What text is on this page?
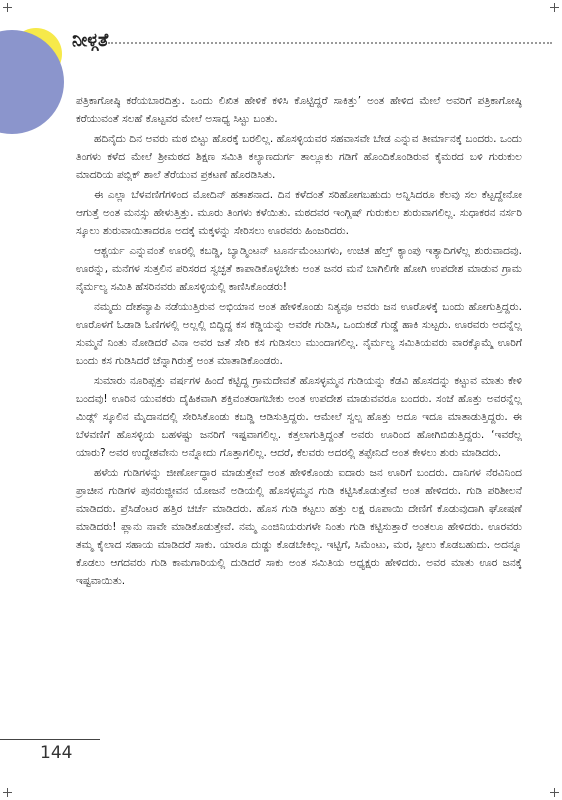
ನೀಳ್ಗತೆ

ಪತ್ರಿಕಾಗೋಷ್ಠಿ ಕರೆಯಬಾರದಿತ್ತು. ಒಂದು ಲಿಖಿತ ಹೇಳಿಕೆ ಕಳಿಸಿ ಕೊಟ್ಟಿದ್ದರೆ ಸಾಕಿತ್ತು’ ಅಂತ ಹೇಳಿದ ಮೇಲೆ ಅವರಿಗೆ ಪತ್ರಿಕಾಗೋಷ್ಠಿ ಕರೆಯುವಂತೆ ಸಲಹೆ ಕೊಟ್ಟವರ ಮೇಲೆ ಅಸಾಧ್ಯ ಸಿಟ್ಟು ಬಂತು.

ಹದಿನೈದು ದಿನ ಅವರು ಮಠ ಬಿಟ್ಟು ಹೊರಕ್ಕೆ ಬರಲಿಲ್ಲ. ಹೊಸಳ್ಳಿಯವರ ಸಹವಾಸವೇ ಬೇಡ ಎನ್ನುವ ತೀರ್ಮಾನಕ್ಕೆ ಬಂದರು. ಒಂದು ತಿಂಗಳು ಕಳೆದ ಮೇಲೆ ಶ್ರೀಮಠದ ಶಿಕ್ಷಣ ಸಮಿತಿ ಕಲ್ಯಾಣದುರ್ಗ ತಾಲ್ಲೂಕು ಗಡಿಗೆ ಹೊಂದಿಕೊಂಡಿರುವ ಕೈಮರದ ಬಳಿ ಗುರುಕುಲ ಮಾದರಿಯ ಪಬ್ಲಿಕ್ ಶಾಲೆ ತೆರೆಯುವ ಪ್ರಕಟಣೆ ಹೊರಡಿಸಿತು.

ಈ ಎಲ್ಲಾ ಬೆಳವಣಿಗೆಗಳಿಂದ ಮೋದಿನ್ ಹತಾಶನಾದ. ದಿನ ಕಳೆದಂತೆ ಸರಿಹೋಗಬಹುದು ಅನ್ನಿಸಿದರೂ ಕೆಲವು ಸಲ ಕೆಟ್ಟದ್ದೇನೋ ಆಗುತ್ತೆ ಅಂತ ಮನಸ್ಸು ಹೇಳುತ್ತಿತ್ತು. ಮೂರು ತಿಂಗಳು ಕಳೆಯಿತು. ಮಠದವರ ಇಂಗ್ಲಿಷ್ ಗುರುಕುಲ ಶುರುವಾಗಲಿಲ್ಲ. ಸುಧಾಕರನ ನರ್ಸರಿ ಸ್ಕೂಲು ಶುರುವಾಯಿತಾದರೂ ಅದಕ್ಕೆ ಮಕ್ಕಳನ್ನು ಸೇರಿಸಲು ಊರವರು ಹಿಂಜರಿದರು.

ಆಶ್ಚರ್ಯ ಎನ್ನುವಂತೆ ಊರಲ್ಲಿ ಕಬಡ್ಡಿ, ಬ್ಯಾಡ್ಮಿಂಟನ್ ಟೂರ್ನಮೆಂಟುಗಳು, ಉಚಿತ ಹೆಲ್ತ್ ಕ್ಯಾಂಪು ಇತ್ಯಾದಿಗಳೆಲ್ಲ ಶುರುವಾದವು. ಊರನ್ನು, ಮನೆಗಳ ಸುತ್ತಲಿನ ಪರಿಸರದ ಸ್ವಚ್ಛತೆ ಕಾಪಾಡಿಕೊಳ್ಳಬೇಕು ಅಂತ ಜನರ ಮನೆ ಬಾಗಿಲಿಗೇ ಹೋಗಿ ಉಪದೇಶ ಮಾಡುವ ಗ್ರಾಮ ನೈರ್ಮಲ್ಯ ಸಮಿತಿ ಹೆಸರಿನವರು ಹೊಸಳ್ಳಿಯಲ್ಲಿ ಕಾಣಿಸಿಕೊಂಡರು!

ನಮ್ಮದು ದೇಶವ್ಯಾಪಿ ನಡೆಯುತ್ತಿರುವ ಅಭಿಯಾನ ಅಂತ ಹೇಳಿಕೊಂಡು ನಿತ್ಯವೂ ಅವರು ಜನ ಊರೊಳಕ್ಕೆ ಬಂದು ಹೋಗುತ್ತಿದ್ದರು. ಊರೊಳಗೆ ಓಡಾಡಿ ಓಣಿಗಳಲ್ಲಿ ಅಲ್ಲಲ್ಲಿ ಬಿದ್ದಿದ್ದ ಕಸ ಕಡ್ಡಿಯನ್ನು ಅವರೇ ಗುಡಿಸಿ, ಒಂದುಕಡೆ ಗುಡ್ಡೆ ಹಾಕಿ ಸುಟ್ಟರು. ಊರವರು ಅದನ್ನೆಲ್ಲ ಸುಮ್ಮನೆ ನಿಂತು ನೋಡಿದರೆ ವಿನಾ ಅವರ ಜತೆ ಸೇರಿ ಕಸ ಗುಡಿಸಲು ಮುಂದಾಗಲಿಲ್ಲ. ನೈರ್ಮಲ್ಯ ಸಮಿತಿಯವರು ವಾರಕ್ಕೊಮ್ಮೆ ಊರಿಗೆ ಬಂದು ಕಸ ಗುಡಿಸಿದರೆ ಚೆನ್ನಾಗಿರುತ್ತೆ ಅಂತ ಮಾತಾಡಿಕೊಂಡರು.

ಸುಮಾರು ನೂರಿಪ್ಪತ್ತು ವರ್ಷಗಳ ಹಿಂದೆ ಕಟ್ಟಿದ್ದ ಗ್ರಾಮದೇವತೆ ಹೊಸಳ್ಳಮ್ಮನ ಗುಡಿಯನ್ನು ಕೆಡವಿ ಹೊಸದನ್ನು ಕಟ್ಟುವ ಮಾತು ಕೇಳಿ ಬಂದವು! ಊರಿನ ಯುವಕರು ದೈಹಿಕವಾಗಿ ಶಕ್ತಿವಂತರಾಗಬೇಕು ಅಂತ ಉಪದೇಶ ಮಾಡುವವರೂ ಬಂದರು. ಸಂಜೆ ಹೊತ್ತು ಅವರನ್ನೆಲ್ಲ ಮಿಡ್ಲ್ ಸ್ಕೂಲಿನ ಮೈದಾನದಲ್ಲಿ ಸೇರಿಸಿಕೊಂಡು ಕಬಡ್ಡಿ ಆಡಿಸುತ್ತಿದ್ದರು. ಆಮೇಲೆ ಸ್ವಲ್ಪ ಹೊತ್ತು ಅದೂ ಇದೂ ಮಾತಾಡುತ್ತಿದ್ದರು. ಈ ಬೆಳವಣಿಗೆ ಹೊಸಳ್ಳಿಯ ಬಹಳಷ್ಟು ಜನರಿಗೆ ಇಷ್ಟವಾಗಲಿಲ್ಲ. ಕತ್ತಲಾಗುತ್ತಿದ್ದಂತೆ ಅವರು ಊರಿಂದ ಹೋಗಿಬಿಡುತ್ತಿದ್ದರು. ‘ಇವರೆಲ್ಲ ಯಾರು? ಅವರ ಉದ್ದೇಶವೇನು ಅನ್ನೋದು ಗೊತ್ತಾಗಲಿಲ್ಲ. ಆದರೆ, ಕೆಲವರು ಅದರಲ್ಲಿ ತಪ್ಪೇನಿದೆ ಅಂತ ಕೇಳಲು ಶುರು ಮಾಡಿದರು.

ಹಳೆಯ ಗುಡಿಗಳನ್ನು ಜೀರ್ಣೋದ್ಧಾರ ಮಾಡುತ್ತೇವೆ ಅಂತ ಹೇಳಿಕೊಂಡು ಐದಾರು ಜನ ಊರಿಗೆ ಬಂದರು. ದಾನಿಗಳ ನೆರವಿನಿಂದ ಪ್ರಾಚೀನ ಗುಡಿಗಳ ಪುನರುಜ್ಜೀವನ ಯೋಜನೆ ಅಡಿಯಲ್ಲಿ ಹೊಸಳ್ಳಮ್ಮನ ಗುಡಿ ಕಟ್ಟಿಸಿಕೊಡುತ್ತೇವೆ ಅಂತ ಹೇಳಿದರು. ಗುಡಿ ಪರಿಶೀಲನೆ ಮಾಡಿದರು. ಪ್ರೆಸಿಡೆಂಟರ ಹತ್ತಿರ ಚರ್ಚೆ ಮಾಡಿದರು. ಹೊಸ ಗುಡಿ ಕಟ್ಟಲು ಹತ್ತು ಲಕ್ಷ ರೂಪಾಯಿ ದೇಣಿಗೆ ಕೊಡುವುದಾಗಿ ಘೋಷಣೆ ಮಾಡಿದರು! ಪ್ಲಾನು ನಾವೇ ಮಾಡಿಕೊಡುತ್ತೇವೆ. ನಮ್ಮ ಎಂಜಿನಿಯರುಗಳೇ ನಿಂತು ಗುಡಿ ಕಟ್ಟಿಸುತ್ತಾರೆ ಅಂತಲೂ ಹೇಳಿದರು. ಊರವರು ತಮ್ಮ ಕೈಲಾದ ಸಹಾಯ ಮಾಡಿದರೆ ಸಾಕು. ಯಾರೂ ದುಡ್ಡು ಕೊಡಬೇಕಿಲ್ಲ. ಇಟ್ಟಿಗೆ, ಸಿಮೆಂಟು, ಮರ, ಸ್ಟೀಲು ಕೊಡಬಹುದು. ಅದನ್ನೂ ಕೊಡಲು ಆಗದವರು ಗುಡಿ ಕಾಮಗಾರಿಯಲ್ಲಿ ದುಡಿದರೆ ಸಾಕು ಅಂತ ಸಮಿತಿಯ ಅಧ್ಯಕ್ಷರು ಹೇಳಿದರು. ಅವರ ಮಾತು ಊರ ಜನಕ್ಕೆ ಇಷ್ಟವಾಯಿತು.

144
